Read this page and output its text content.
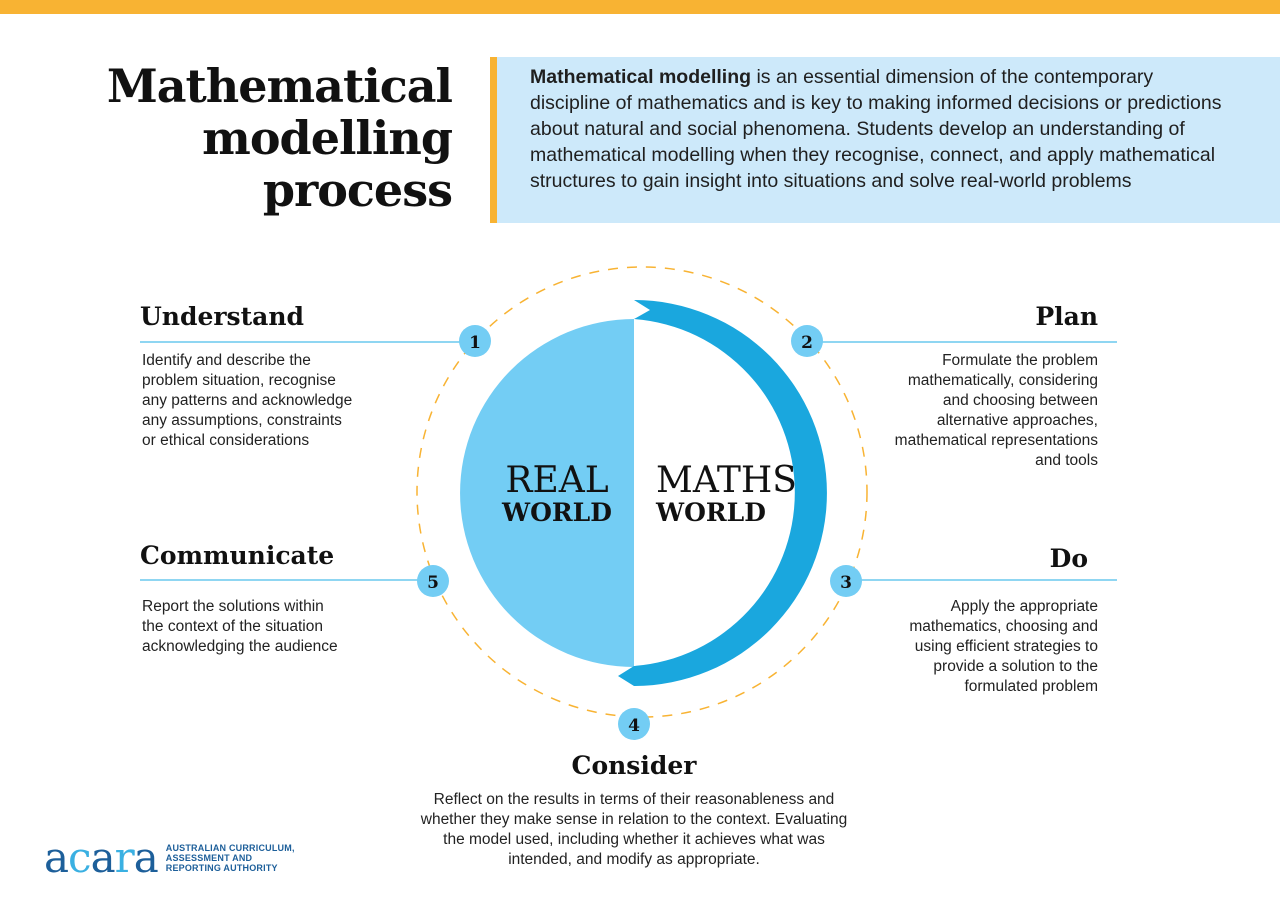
Mathematical
modelling
process

Mathematical modelling is an essential dimension of the contemporary discipline of mathematics and is key to making informed decisions or predictions about natural and social phenomena. Students develop an understanding of mathematical modelling when they recognise, connect, and apply mathematical structures to gain insight into situations and solve real-world problems

REAL
WORLD
MATHS
WORLD
1	2
3
4
5
Understand
Identify and describe the
problem situation, recognise
any patterns and acknowledge
any assumptions, constraints
or ethical considerations
Plan
Formulate the problem
mathematically, considering
and choosing between
alternative approaches,
mathematical representations
and tools
Do
Apply the appropriate
mathematics, choosing and
using efficient strategies to
provide a solution to the
formulated problem
Consider
Reflect on the results in terms of their reasonableness and
whether they make sense in relation to the context. Evaluating
the model used, including whether it achieves what was
intended, and modify as appropriate.
Communicate
Report the solutions within
the context of the situation
acknowledging the audience
acara AUSTRALIAN CURRICULUM,
ASSESSMENT AND
REPORTING AUTHORITY
